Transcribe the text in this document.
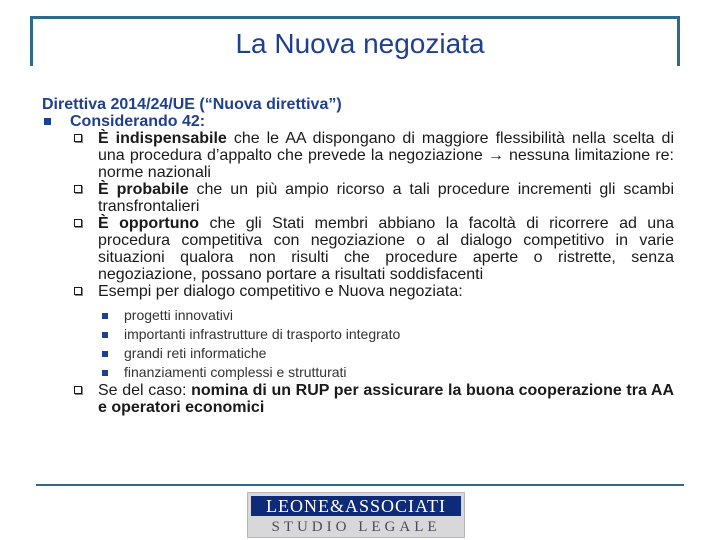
La Nuova negoziata

Direttiva 2014/24/UE (“Nuova direttiva”)

Considerando 42:
È indispensabile che le AA dispongano di maggiore flessibilità nella scelta di una procedura d’appalto che prevede la negoziazione → nessuna limitazione re: norme nazionali
È probabile che un più ampio ricorso a tali procedure incrementi gli scambi transfrontalieri
È opportuno che gli Stati membri abbiano la facoltà di ricorrere ad una procedura competitiva con negoziazione o al dialogo competitivo in varie situazioni qualora non risulti che procedure aperte o ristrette, senza negoziazione, possano portare a risultati soddisfacenti
Esempi per dialogo competitivo e Nuova negoziata:
progetti innovativi
importanti infrastrutture di trasporto integrato
grandi reti informatiche
finanziamenti complessi e strutturati
Se del caso: nomina di un RUP per assicurare la buona cooperazione tra AA e operatori economici
LEONE&ASSOCIATI
STUDIO LEGALE
